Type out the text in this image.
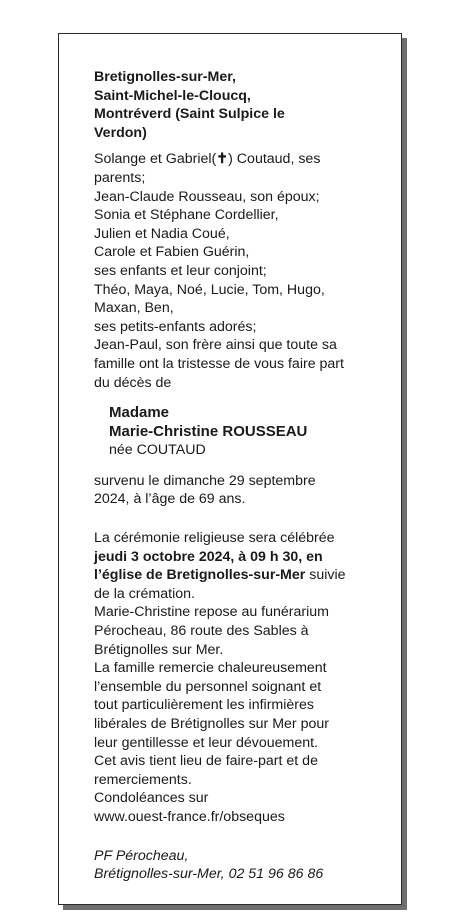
Bretignolles-sur-Mer,
Saint-Michel-le-Cloucq,
Montréverd (Saint Sulpice le
Verdon)
Solange et Gabriel(✝) Coutaud, ses
parents;
Jean-Claude Rousseau, son époux;
Sonia et Stéphane Cordellier,
Julien et Nadia Coué,
Carole et Fabien Guérin,
ses enfants et leur conjoint;
Théo, Maya, Noé, Lucie, Tom, Hugo,
Maxan, Ben,
ses petits-enfants adorés;
Jean-Paul, son frère ainsi que toute sa
famille ont la tristesse de vous faire part
du décès de
Madame
Marie-Christine ROUSSEAU
née COUTAUD
survenu le dimanche 29 septembre
2024, à l’âge de 69 ans.
La cérémonie religieuse sera célébrée
jeudi 3 octobre 2024, à 09 h 30, en
l’église de Bretignolles-sur-Mer suivie
de la crémation.
Marie-Christine repose au funérarium
Pérocheau, 86 route des Sables à
Brétignolles sur Mer.
La famille remercie chaleureusement
l’ensemble du personnel soignant et
tout particulièrement les infirmières
libérales de Brétignolles sur Mer pour
leur gentillesse et leur dévouement.
Cet avis tient lieu de faire-part et de
remerciements.
Condoléances sur
www.ouest-france.fr/obseques
PF Pérocheau,
Brétignolles-sur-Mer, 02 51 96 86 86
